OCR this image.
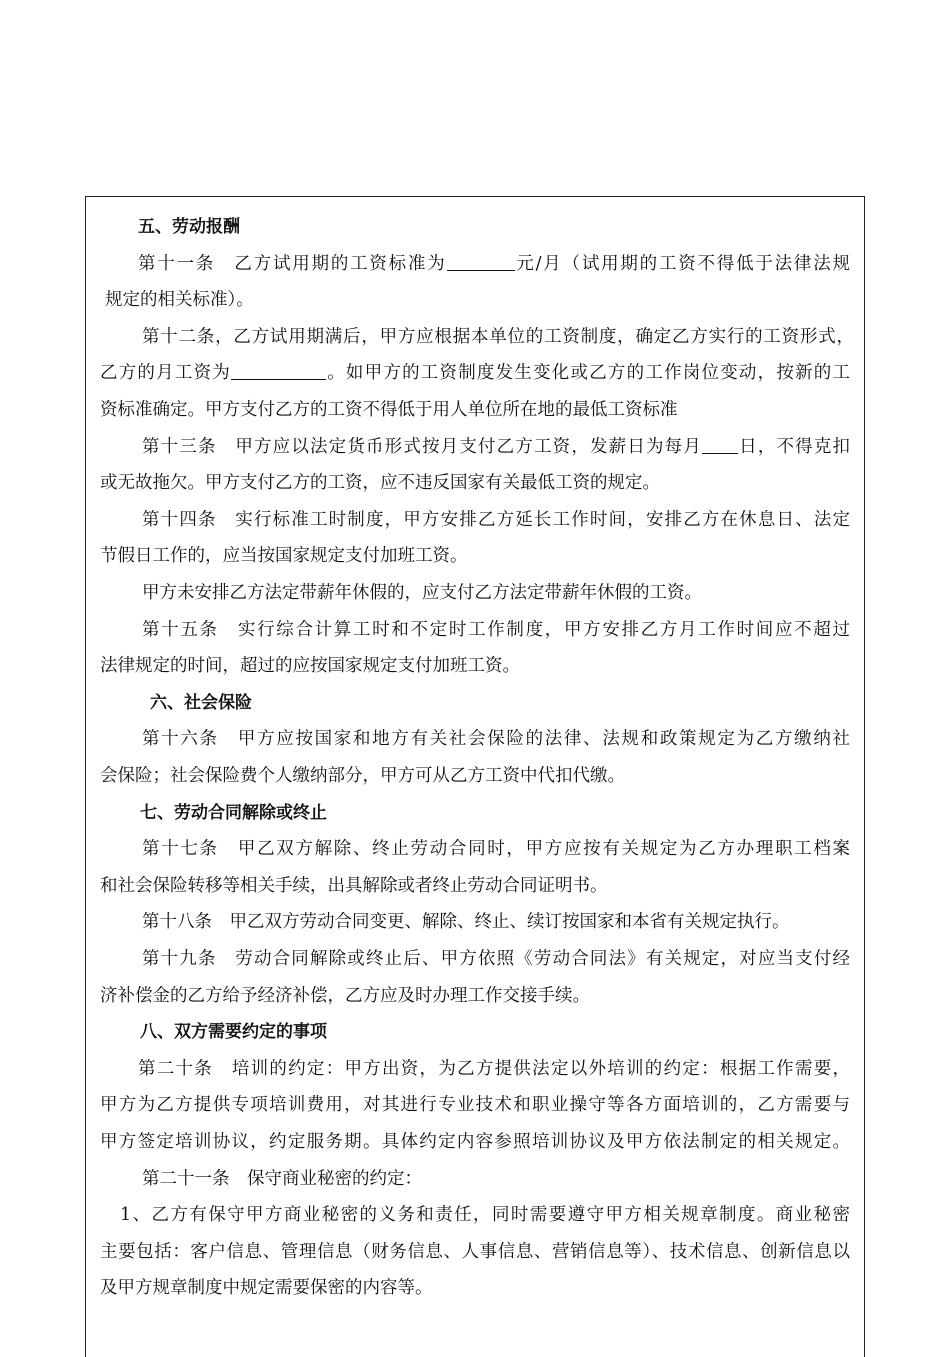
五、劳动报酬
第十一条　乙方试用期的工资标准为	元/月（试用期的工资不得低于法律法规
规定的相关标准）。
第十二条，乙方试用期满后，甲方应根据本单位的工资制度，确定乙方实行的工资形式，
乙方的月工资为	。如甲方的工资制度发生变化或乙方的工作岗位变动，按新的工
资标准确定。甲方支付乙方的工资不得低于用人单位所在地的最低工资标准
第十三条　甲方应以法定货币形式按月支付乙方工资，发薪日为每月 日，不得克扣
或无故拖欠。甲方支付乙方的工资，应不违反国家有关最低工资的规定。
第十四条　实行标准工时制度，甲方安排乙方延长工作时间，安排乙方在休息日、法定
节假日工作的，应当按国家规定支付加班工资。
甲方未安排乙方法定带薪年休假的，应支付乙方法定带薪年休假的工资。
第十五条　实行综合计算工时和不定时工作制度，甲方安排乙方月工作时间应不超过
法律规定的时间，超过的应按国家规定支付加班工资。
六、社会保险
第十六条　甲方应按国家和地方有关社会保险的法律、法规和政策规定为乙方缴纳社
会保险；社会保险费个人缴纳部分，甲方可从乙方工资中代扣代缴。
七、劳动合同解除或终止
第十七条　甲乙双方解除、终止劳动合同时，甲方应按有关规定为乙方办理职工档案
和社会保险转移等相关手续，出具解除或者终止劳动合同证明书。
第十八条　甲乙双方劳动合同变更、解除、终止、续订按国家和本省有关规定执行。
第十九条　劳动合同解除或终止后、甲方依照《劳动合同法》有关规定，对应当支付经
济补偿金的乙方给予经济补偿，乙方应及时办理工作交接手续。
八、双方需要约定的事项
第二十条　培训的约定：甲方出资，为乙方提供法定以外培训的约定：根据工作需要，
甲方为乙方提供专项培训费用，对其进行专业技术和职业操守等各方面培训的，乙方需要与
甲方签定培训协议，约定服务期。具体约定内容参照培训协议及甲方依法制定的相关规定。
第二十一条　保守商业秘密的约定：
1、乙方有保守甲方商业秘密的义务和责任，同时需要遵守甲方相关规章制度。商业秘密
主要包括：客户信息、管理信息（财务信息、人事信息、营销信息等）、技术信息、创新信息以
及甲方规章制度中规定需要保密的内容等。
